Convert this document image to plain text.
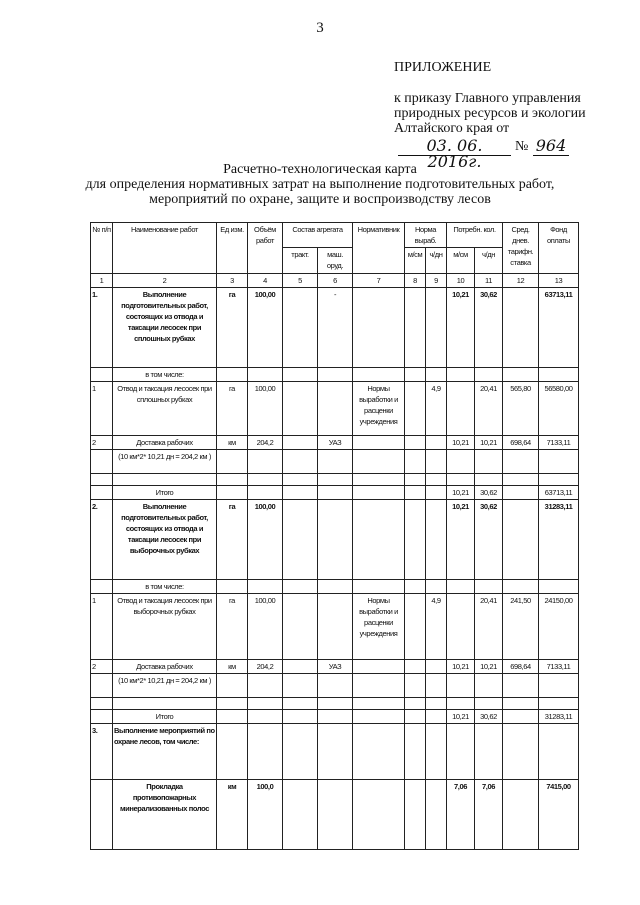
3
ПРИЛОЖЕНИЕ
к приказу Главного управления
природных ресурсов и экологии
Алтайского края от
03. 06. 2016г.
№ 964
Расчетно-технологическая карта
для определения нормативных затрат на выполнение подготовительных работ,
мероприятий по охране, защите и воспроизводству лесов
№ п/п	Наименование работ	Ед изм.	Объём работ	Состав агрегата		Нормативник	Норма выраб.		Потребн. кол.		Сред. днев. тарифн. ставка	Фонд оплаты
				тракт.	маш. оруд.		м/см	ч/дн	м/см	ч/дн		
1	2	3	4	5	6	7	8	9	10	11	12	13
1.	Выполнение подготовительных работ, состоящих из отвода и таксации лесосек при сплошных рубках	га	100,00		-				10,21	30,62		63713,11
	в том числе:											
1	Отвод и таксация лесосек при сплошных рубках	га	100,00			Нормы выработки и расценки учреждения		4,9		20,41	565,80	56580,00
2	Доставка рабочих	км	204,2		УАЗ				10,21	10,21	698,64	7133,11
	(10 км*2* 10,21 дн = 204,2 км )											

	Итого								10,21	30,62		63713,11
2.	Выполнение подготовительных работ, состоящих из отвода и таксации лесосек при выборочных рубках	га	100,00						10,21	30,62		31283,11
	в том числе:											
1	Отвод и таксация лесосек при выборочных рубках	га	100,00			Нормы выработки и расценки учреждения		4,9		20,41	241,50	24150,00
2	Доставка рабочих	км	204,2		УАЗ				10,21	10,21	698,64	7133,11
	(10 км*2* 10,21 дн = 204,2 км )											

	Итого								10,21	30,62		31283,11
3.	Выполнение мероприятий по охране лесов, том числе:											
	Прокладка противопожарных минерализованных полос	км	100,0						7,06	7,06		7415,00
